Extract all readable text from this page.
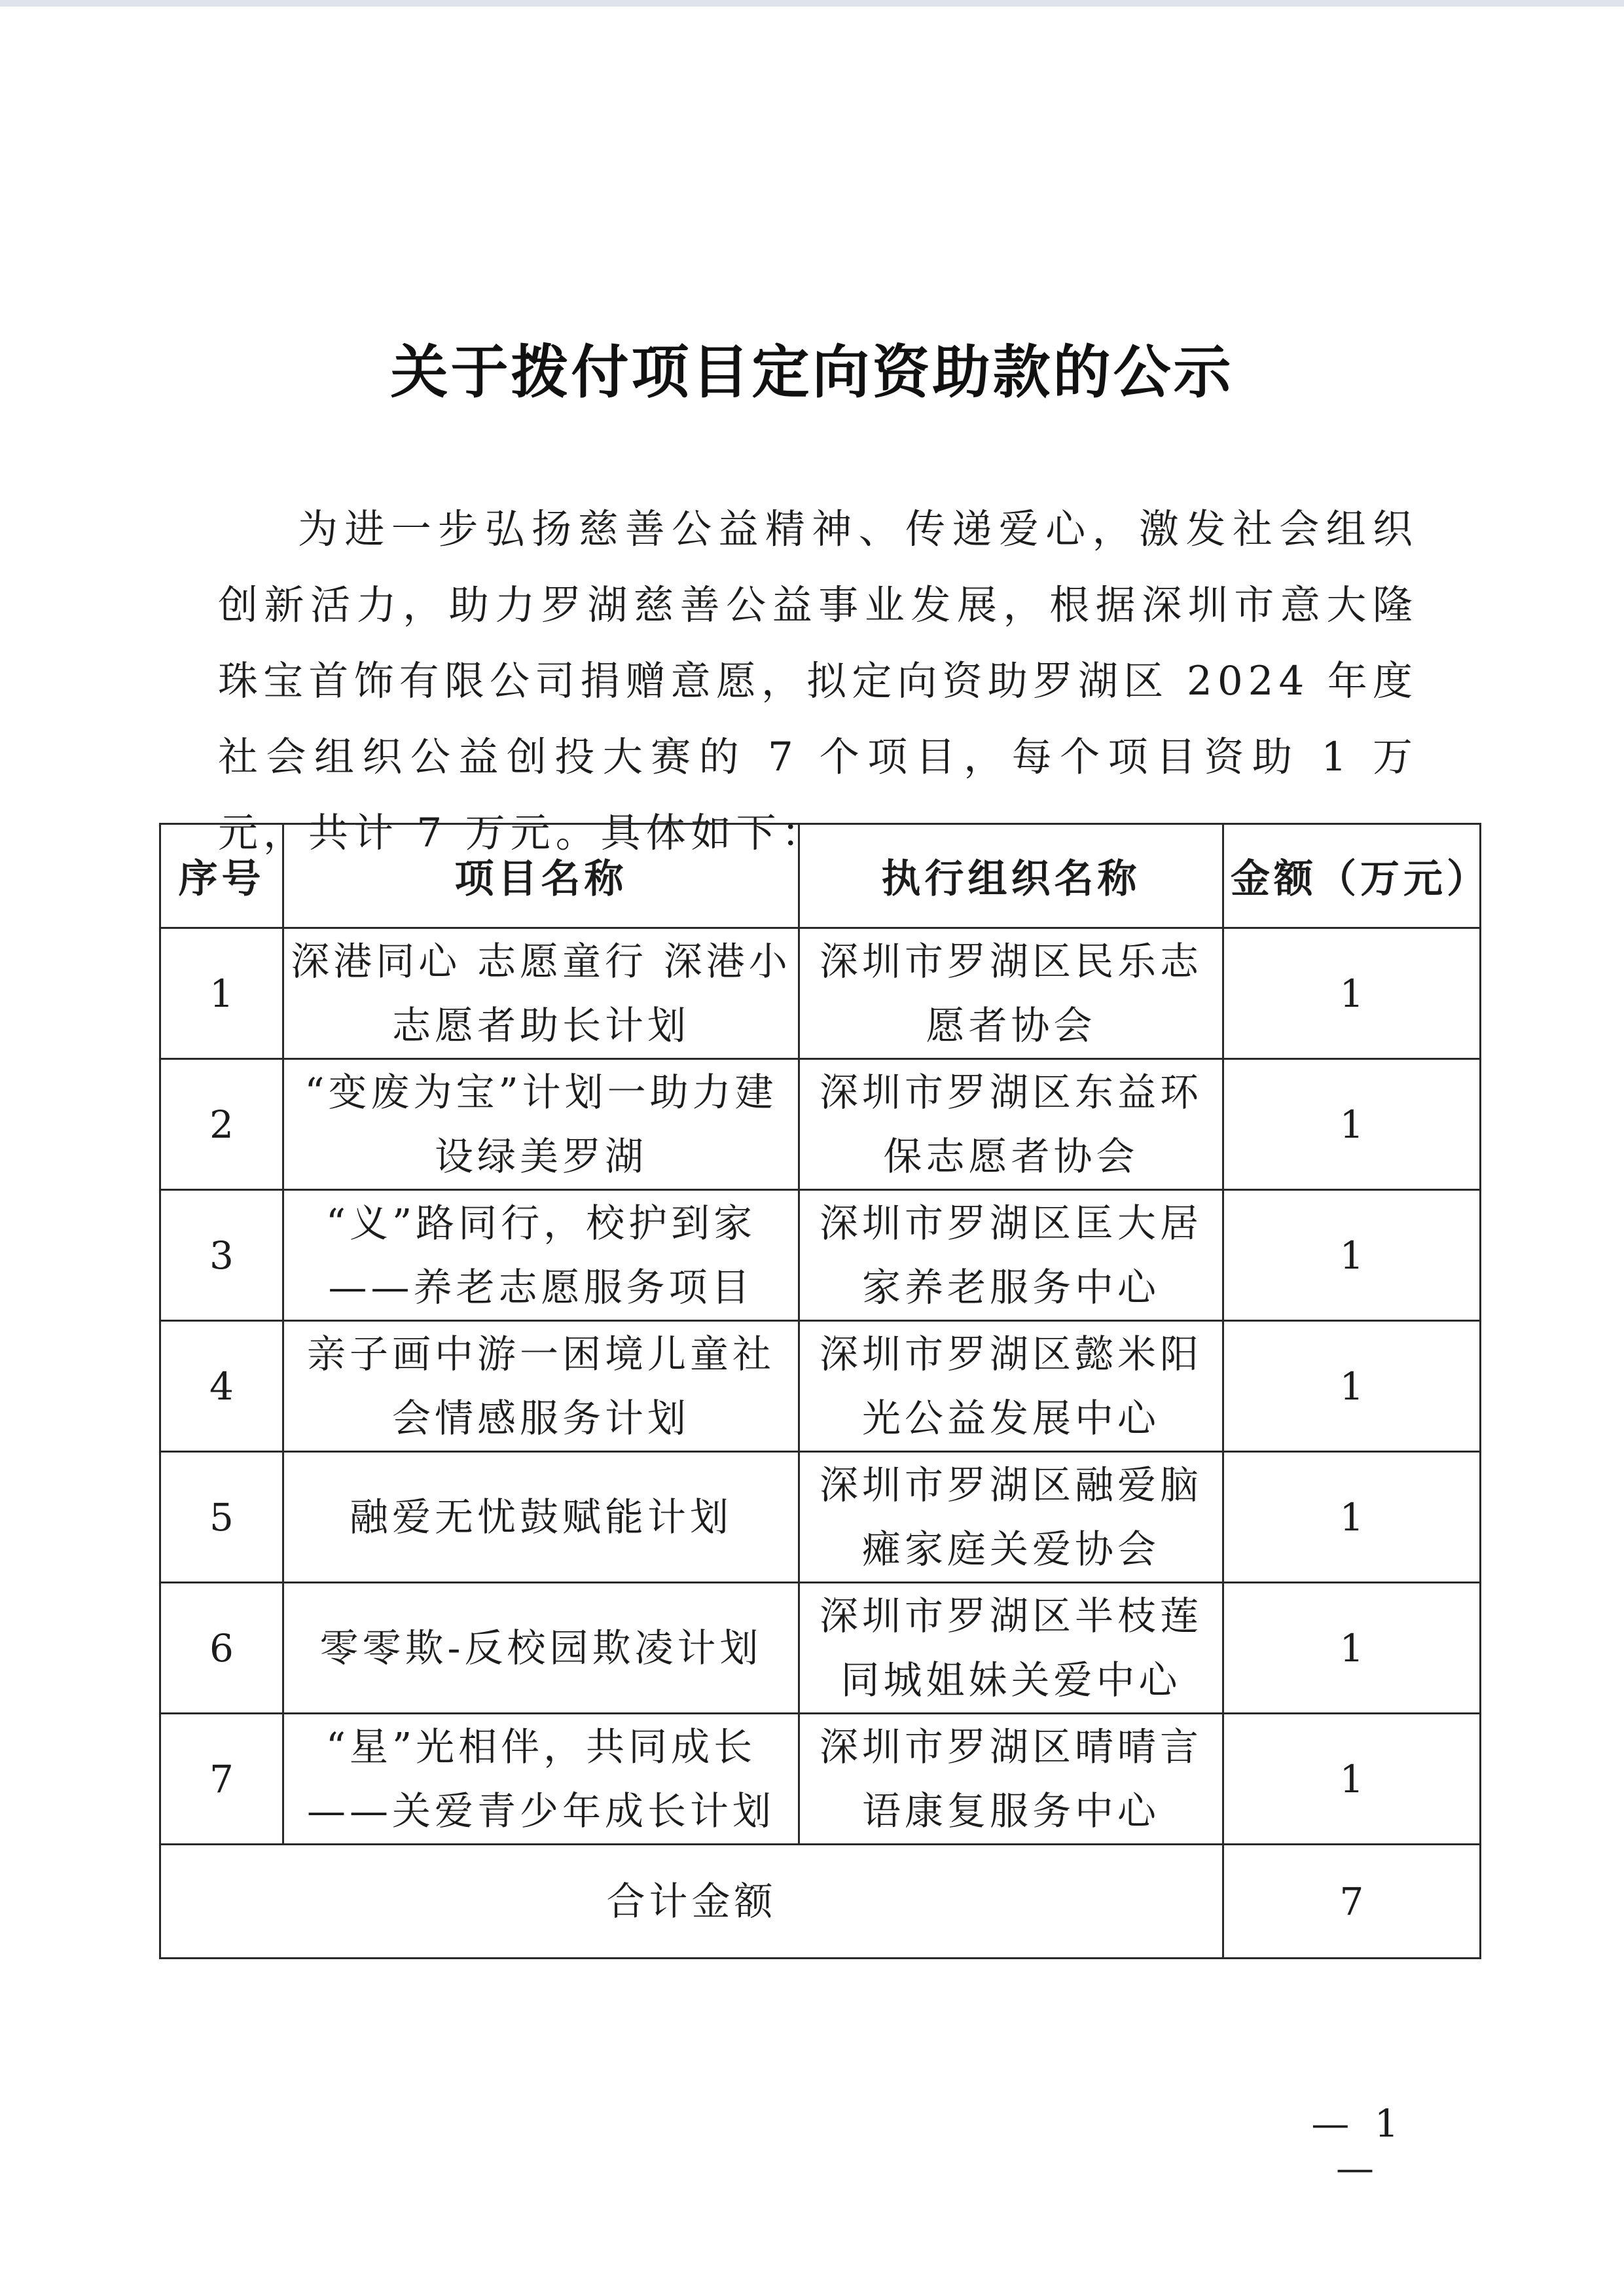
关于拨付项目定向资助款的公示

为进一步弘扬慈善公益精神、传递爱心，激发社会组织创新活力，助力罗湖慈善公益事业发展，根据深圳市意大隆珠宝首饰有限公司捐赠意愿，拟定向资助罗湖区 2024 年度社会组织公益创投大赛的 7 个项目，每个项目资助 1 万元，共计 7 万元。具体如下：

序号	项目名称	执行组织名称	金额（万元）
1	深港同心 志愿童行 深港小志愿者助长计划	深圳市罗湖区民乐志愿者协会	1
2	“变废为宝”计划一助力建设绿美罗湖	深圳市罗湖区东益环保志愿者协会	1
3	“义”路同行，校护到家——养老志愿服务项目	深圳市罗湖区匡大居家养老服务中心	1
4	亲子画中游一困境儿童社会情感服务计划	深圳市罗湖区懿米阳光公益发展中心	1
5	融爱无忧鼓赋能计划	深圳市罗湖区融爱脑瘫家庭关爱协会	1
6	零零欺-反校园欺凌计划	深圳市罗湖区半枝莲同城姐妹关爱中心	1
7	“星”光相伴，共同成长——关爱青少年成长计划	深圳市罗湖区晴晴言语康复服务中心	1
合计金额			7
— 1 —
